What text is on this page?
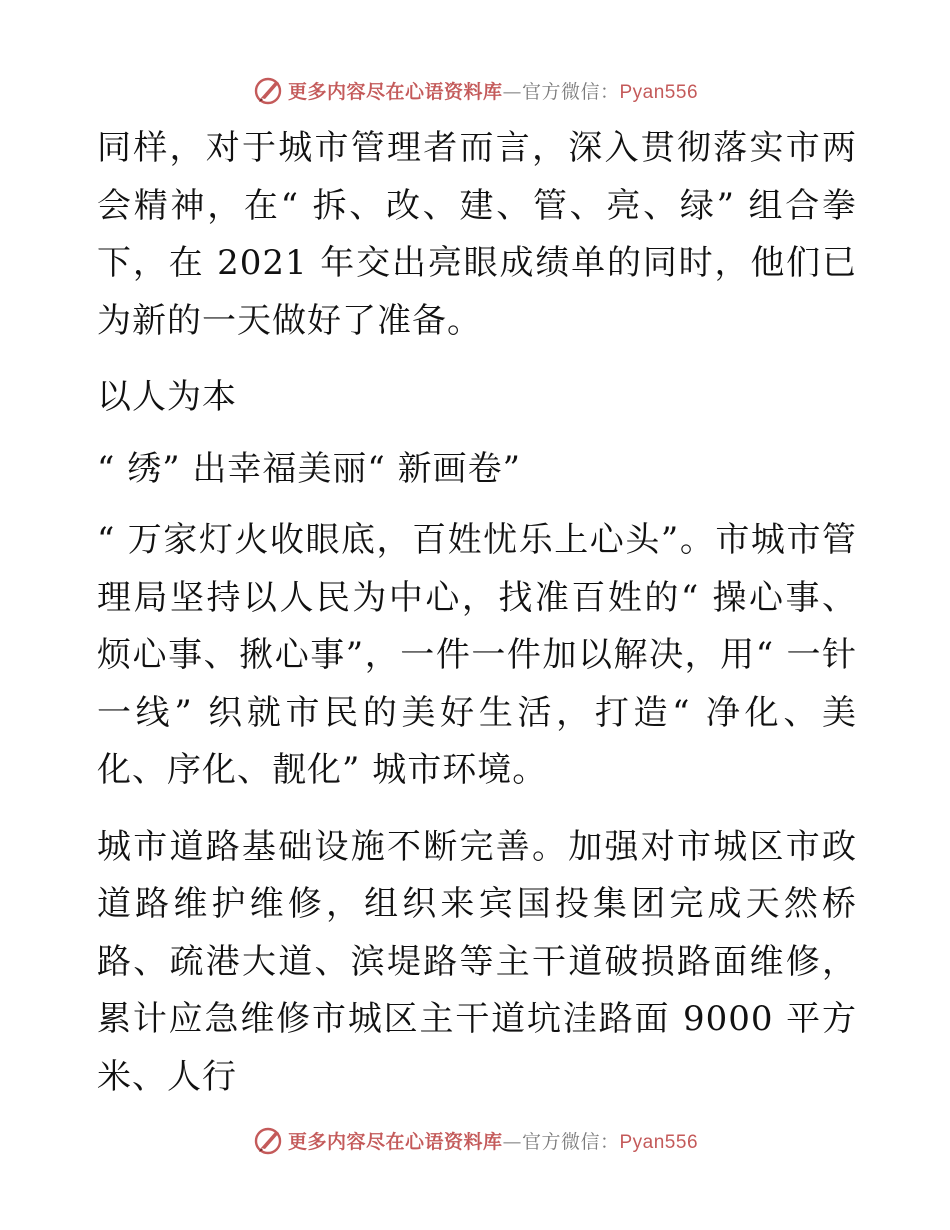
更多内容尽在心语资料库—官方微信：Pyan556

同样，对于城市管理者而言，深入贯彻落实市两会精神，在“ 拆、改、建、管、亮、绿” 组合拳下，在 2021 年交出亮眼成绩单的同时，他们已为新的一天做好了准备。

以人为本

“ 绣” 出幸福美丽“ 新画卷”

“ 万家灯火收眼底，百姓忧乐上心头”。市城市管理局坚持以人民为中心，找准百姓的“ 操心事、烦心事、揪心事”，一件一件加以解决，用“ 一针一线” 织就市民的美好生活，打造“ 净化、美化、序化、靓化” 城市环境。

城市道路基础设施不断完善。加强对市城区市政道路维护维修，组织来宾国投集团完成天然桥路、疏港大道、滨堤路等主干道破损路面维修，累计应急维修市城区主干道坑洼路面 9000 平方米、人行

更多内容尽在心语资料库—官方微信：Pyan556
